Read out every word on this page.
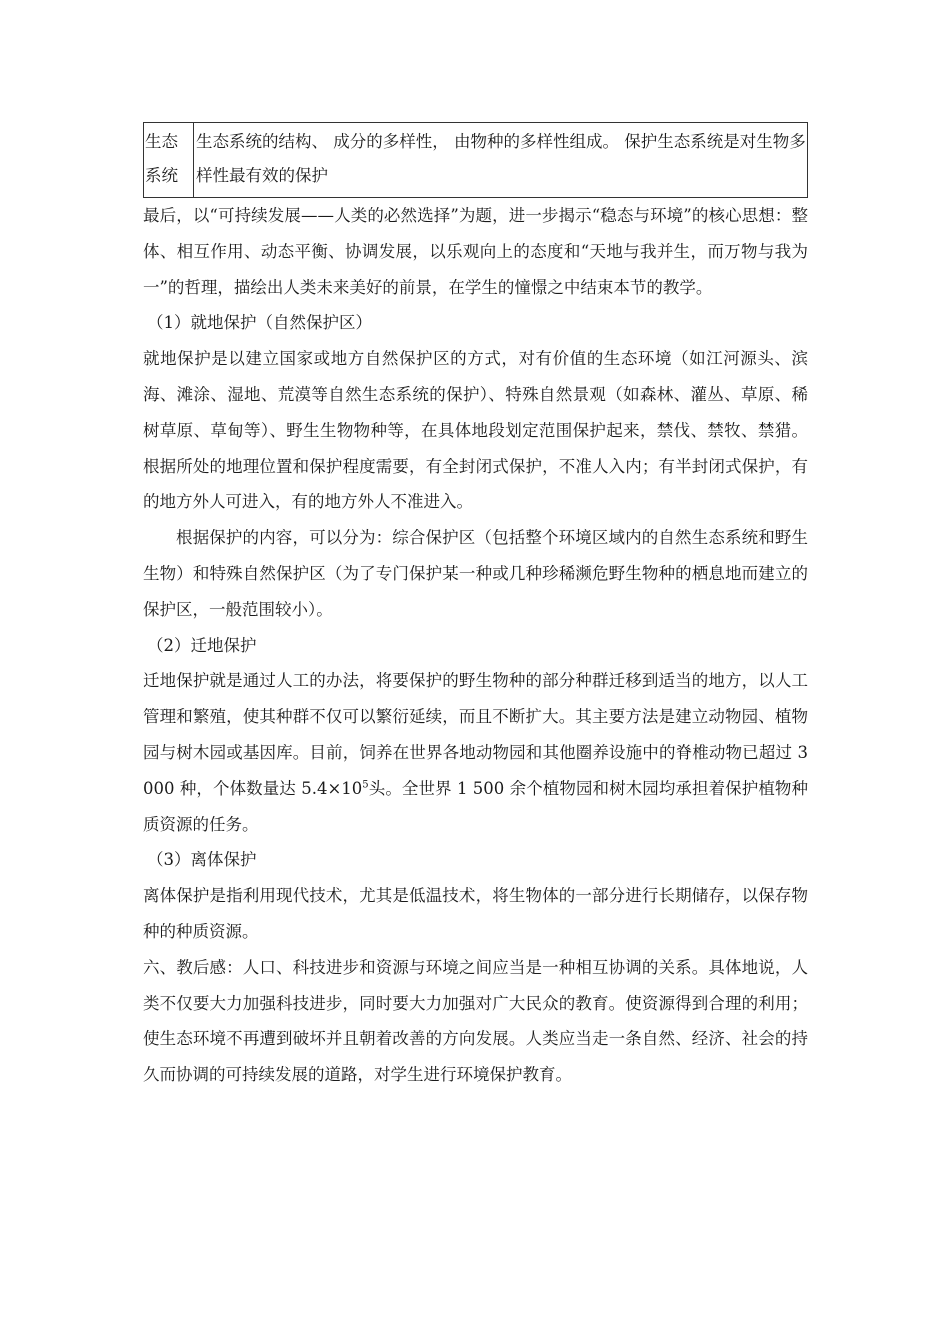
生态系统	生态系统的结构、 成分的多样性， 由物种的多样性组成。 保护生态系统是对生物多样性最有效的保护

最后，以“可持续发展——人类的必然选择”为题，进一步揭示“稳态与环境”的核心思想：整体、相互作用、动态平衡、协调发展，以乐观向上的态度和“天地与我并生，而万物与我为一”的哲理，描绘出人类未来美好的前景，在学生的憧憬之中结束本节的教学。

（1）就地保护（自然保护区）

就地保护是以建立国家或地方自然保护区的方式，对有价值的生态环境（如江河源头、滨海、滩涂、湿地、荒漠等自然生态系统的保护）、特殊自然景观（如森林、灌丛、草原、稀树草原、草甸等）、野生生物物种等，在具体地段划定范围保护起来，禁伐、禁牧、禁猎。根据所处的地理位置和保护程度需要，有全封闭式保护，不准人入内；有半封闭式保护，有的地方外人可进入，有的地方外人不准进入。

根据保护的内容，可以分为：综合保护区（包括整个环境区域内的自然生态系统和野生生物）和特殊自然保护区（为了专门保护某一种或几种珍稀濒危野生物种的栖息地而建立的保护区，一般范围较小）。

（2）迁地保护

迁地保护就是通过人工的办法，将要保护的野生物种的部分种群迁移到适当的地方，以人工管理和繁殖，使其种群不仅可以繁衍延续，而且不断扩大。其主要方法是建立动物园、植物园与树木园或基因库。目前，饲养在世界各地动物园和其他圈养设施中的脊椎动物已超过 3 000 种，个体数量达 $5.4\times 10^5$头。全世界 1 500 余个植物园和树木园均承担着保护植物种质资源的任务。

（3）离体保护

离体保护是指利用现代技术，尤其是低温技术，将生物体的一部分进行长期储存，以保存物种的种质资源。

六、教后感：人口、科技进步和资源与环境之间应当是一种相互协调的关系。具体地说，人类不仅要大力加强科技进步，同时要大力加强对广大民众的教育。使资源得到合理的利用；使生态环境不再遭到破坏并且朝着改善的方向发展。人类应当走一条自然、经济、社会的持久而协调的可持续发展的道路，对学生进行环境保护教育。
